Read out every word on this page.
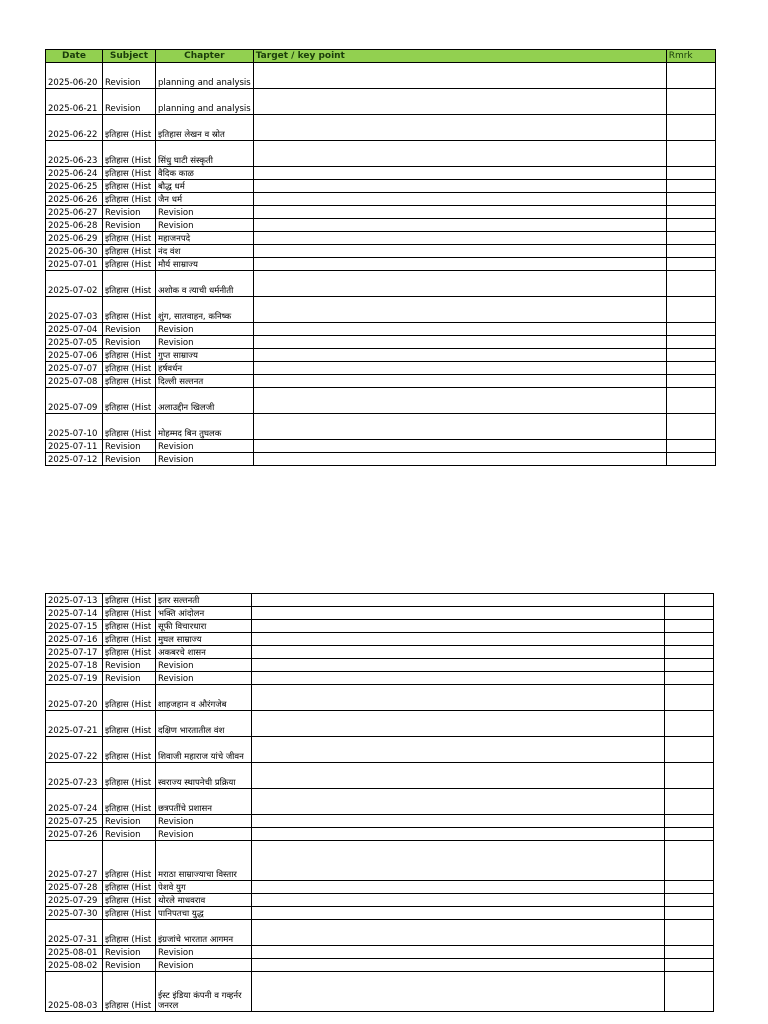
Date	Subject	Chapter	Target / key point	Rmrk
2025-06-20	Revision	planning and analysis		
2025-06-21	Revision	planning and analysis		
2025-06-22	इतिहास (Hist	इतिहास लेखन व स्रोत		
2025-06-23	इतिहास (Hist	सिंधु घाटी संस्कृती		
2025-06-24	इतिहास (Hist	वैदिक काळ		
2025-06-25	इतिहास (Hist	बौद्ध धर्म		
2025-06-26	इतिहास (Hist	जैन धर्म		
2025-06-27	Revision	Revision		
2025-06-28	Revision	Revision		
2025-06-29	इतिहास (Hist	महाजनपदे		
2025-06-30	इतिहास (Hist	नंद वंश		
2025-07-01	इतिहास (Hist	मौर्य साम्राज्य		
2025-07-02	इतिहास (Hist	अशोक व त्याची धर्मनीती		
2025-07-03	इतिहास (Hist	शुंग, सातवाहन, कनिष्क		
2025-07-04	Revision	Revision		
2025-07-05	Revision	Revision		
2025-07-06	इतिहास (Hist	गुप्त साम्राज्य		
2025-07-07	इतिहास (Hist	हर्षवर्धन		
2025-07-08	इतिहास (Hist	दिल्ली सल्तनत		
2025-07-09	इतिहास (Hist	अलाउद्दीन खिलजी		
2025-07-10	इतिहास (Hist	मोहम्मद बिन तुघलक		
2025-07-11	Revision	Revision		
2025-07-12	Revision	Revision		
2025-07-13	इतिहास (Hist	इतर सल्तनती		
2025-07-14	इतिहास (Hist	भक्ति आंदोलन		
2025-07-15	इतिहास (Hist	सूफी विचारधारा		
2025-07-16	इतिहास (Hist	मुघल साम्राज्य		
2025-07-17	इतिहास (Hist	अकबरचे शासन		
2025-07-18	Revision	Revision		
2025-07-19	Revision	Revision		
2025-07-20	इतिहास (Hist	शाहजहान व औरंगजेब		
2025-07-21	इतिहास (Hist	दक्षिण भारतातील वंश		
2025-07-22	इतिहास (Hist	शिवाजी महाराज यांचे जीवन		
2025-07-23	इतिहास (Hist	स्वराज्य स्थापनेची प्रक्रिया		
2025-07-24	इतिहास (Hist	छत्रपतींचे प्रशासन		
2025-07-25	Revision	Revision		
2025-07-26	Revision	Revision		
2025-07-27	इतिहास (Hist	मराठा साम्राज्याचा विस्तार		
2025-07-28	इतिहास (Hist	पेशवे युग		
2025-07-29	इतिहास (Hist	थोरले माधवराव		
2025-07-30	इतिहास (Hist	पानिपतचा युद्ध		
2025-07-31	इतिहास (Hist	इंग्रजांचे भारतात आगमन		
2025-08-01	Revision	Revision		
2025-08-02	Revision	Revision		
2025-08-03	इतिहास (Hist	ईस्ट इंडिया कंपनी व गव्हर्नर जनरल		
